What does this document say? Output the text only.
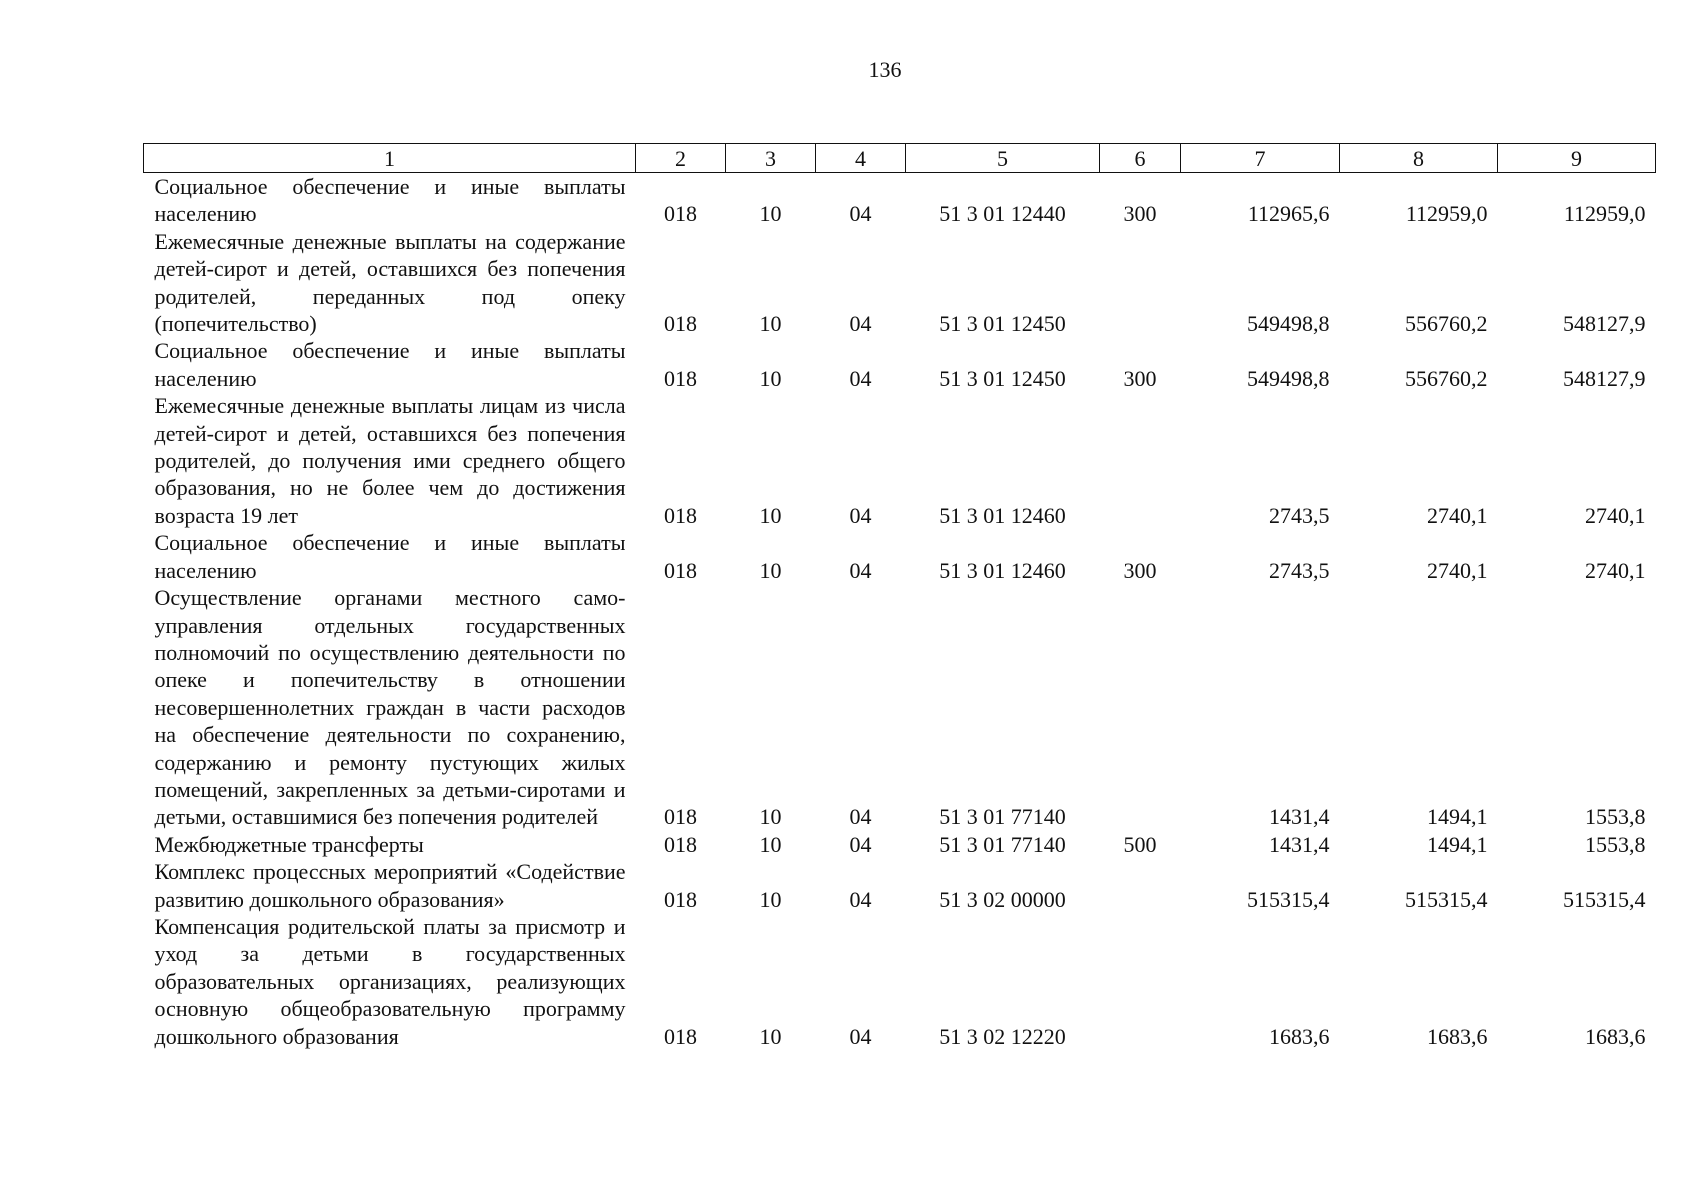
136
1	2	3	4	5	6	7	8	9
Социальное обеспечение и иные выплаты населению	018	10	04	51 3 01 12440	300	112965,6	112959,0	112959,0
Ежемесячные денежные выплаты на содержание детей-сирот и детей, оставшихся без попечения родителей, переданных под опеку (попечительство)	018	10	04	51 3 01 12450		549498,8	556760,2	548127,9
Социальное обеспечение и иные выплаты населению	018	10	04	51 3 01 12450	300	549498,8	556760,2	548127,9
Ежемесячные денежные выплаты лицам из числа детей-сирот и детей, оставшихся без попечения родителей, до получения ими среднего общего образования, но не более чем до достижения возраста 19 лет	018	10	04	51 3 01 12460		2743,5	2740,1	2740,1
Социальное обеспечение и иные выплаты населению	018	10	04	51 3 01 12460	300	2743,5	2740,1	2740,1
Осуществление органами местного самоуправления отдельных государственных полномочий по осуществлению деятельности по опеке и попечительству в отношении несовершеннолетних граждан в части расходов на обеспечение деятельности по сохранению, содержанию и ремонту пустующих жилых помещений, закрепленных за детьми-сиротами и детьми, оставшимися без попечения родителей	018	10	04	51 3 01 77140		1431,4	1494,1	1553,8
Межбюджетные трансферты	018	10	04	51 3 01 77140	500	1431,4	1494,1	1553,8
Комплекс процессных мероприятий «Содействие развитию дошкольного образования»	018	10	04	51 3 02 00000		515315,4	515315,4	515315,4
Компенсация родительской платы за присмотр и уход за детьми в государственных образовательных организациях, реализующих основную общеобразовательную программу дошкольного образования	018	10	04	51 3 02 12220		1683,6	1683,6	1683,6
